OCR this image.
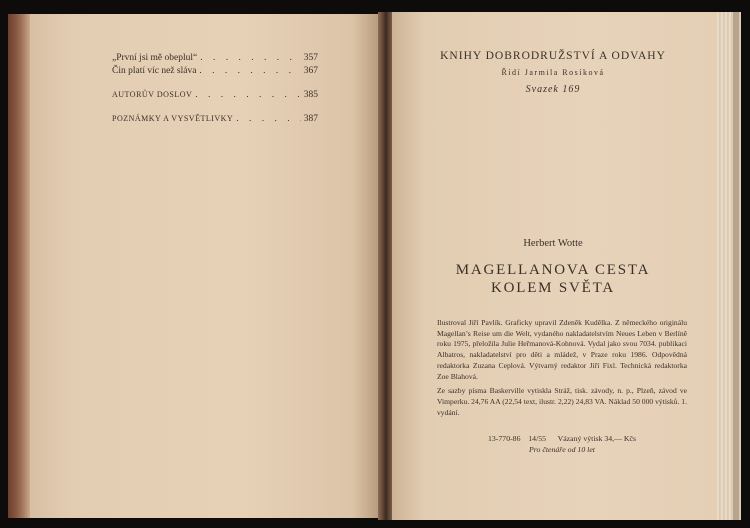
„První jsi mě obeplul“ . . .	357
Čin platí víc než sláva . . .	367
AUTORŮV DOSLOV . . .	385
POZNÁMKY A VYSVĚTLIVKY . . .	387
KNIHY DOBRODRUŽSTVÍ A ODVAHY
Řídí Jarmila Rosíková
Svazek 169
Herbert Wotte
MAGELLANOVA CESTA
KOLEM SVĚTA

Ilustroval Jiří Pavlík. Graficky upravil Zdeněk Kudělka. Z německého originálu Magellan’s Reise um die Welt, vydaného nakladatelstvím Neues Leben v Berlíně roku 1975, přeložila Julie Heřmanová-Kohnová. Vydal jako svou 7034. publikaci Albatros, nakladatelství pro děti a mládež, v Praze roku 1986. Odpovědná redaktorka Zuzana Ceplová. Výtvarný redaktor Jiří Fixl. Technická redaktorka Zoe Blahová.

Ze sazby písma Baskerville vytiskla Stráž, tisk. závody, n. p., Plzeň, závod ve Vimperku. 24,76 AA (22,54 text, ilustr. 2,22) 24,83 VA. Náklad 50 000 výtisků. 1. vydání.

13-770-86    14/55      Vázaný výtisk 34,— Kčs
Pro čtenáře od 10 let
